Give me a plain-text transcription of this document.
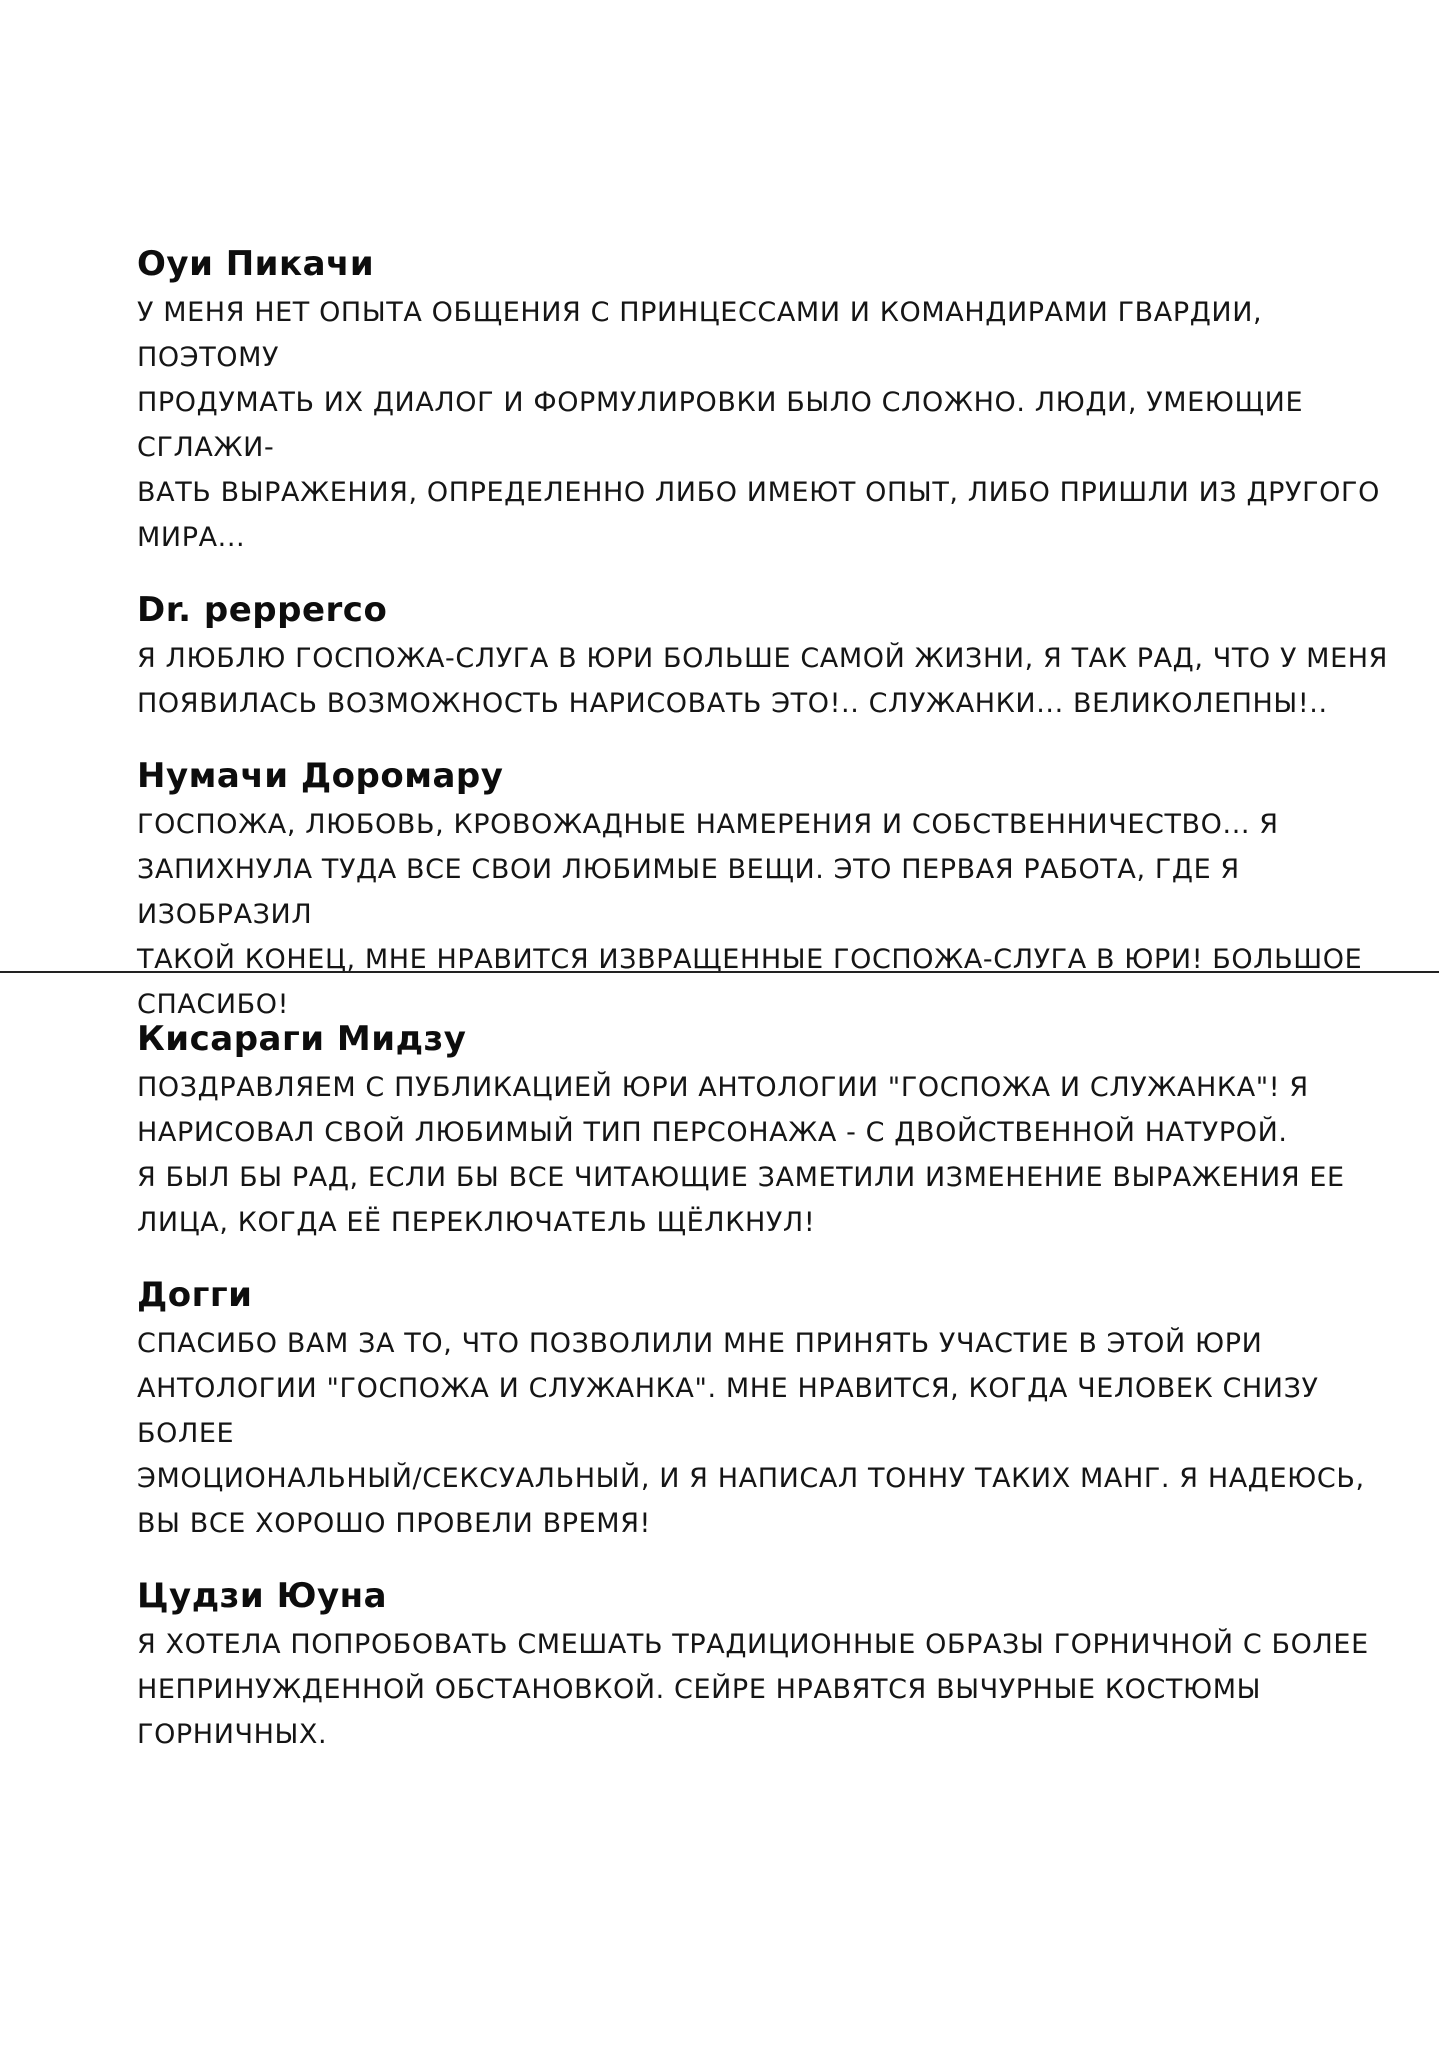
Оуи Пикачи

У МЕНЯ НЕТ ОПЫТА ОБЩЕНИЯ С ПРИНЦЕССАМИ И КОМАНДИРАМИ ГВАРДИИ, ПОЭТОМУ
ПРОДУМАТЬ ИХ ДИАЛОГ И ФОРМУЛИРОВКИ БЫЛО СЛОЖНО. ЛЮДИ, УМЕЮЩИЕ СГЛАЖИ-
ВАТЬ ВЫРАЖЕНИЯ, ОПРЕДЕЛЕННО ЛИБО ИМЕЮТ ОПЫТ, ЛИБО ПРИШЛИ ИЗ ДРУГОГО
МИРА...

Dr. pepperco

Я ЛЮБЛЮ ГОСПОЖА-СЛУГА В ЮРИ БОЛЬШЕ САМОЙ ЖИЗНИ, Я ТАК РАД, ЧТО У МЕНЯ
ПОЯВИЛАСЬ ВОЗМОЖНОСТЬ НАРИСОВАТЬ ЭТО!.. СЛУЖАНКИ... ВЕЛИКОЛЕПНЫ!..

Нумачи Доромару

ГОСПОЖА, ЛЮБОВЬ, КРОВОЖАДНЫЕ НАМЕРЕНИЯ И СОБСТВЕННИЧЕСТВО... Я
ЗАПИХНУЛА ТУДА ВСЕ СВОИ ЛЮБИМЫЕ ВЕЩИ. ЭТО ПЕРВАЯ РАБОТА, ГДЕ Я ИЗОБРАЗИЛ
ТАКОЙ КОНЕЦ, МНЕ НРАВИТСЯ ИЗВРАЩЕННЫЕ ГОСПОЖА-СЛУГА В ЮРИ! БОЛЬШОЕ
СПАСИБО!

Кисараги Мидзу

ПОЗДРАВЛЯЕМ С ПУБЛИКАЦИЕЙ ЮРИ АНТОЛОГИИ "ГОСПОЖА И СЛУЖАНКА"! Я
НАРИСОВАЛ СВОЙ ЛЮБИМЫЙ ТИП ПЕРСОНАЖА - С ДВОЙСТВЕННОЙ НАТУРОЙ.
Я БЫЛ БЫ РАД, ЕСЛИ БЫ ВСЕ ЧИТАЮЩИЕ ЗАМЕТИЛИ ИЗМЕНЕНИЕ ВЫРАЖЕНИЯ ЕЕ
ЛИЦА, КОГДА ЕЁ ПЕРЕКЛЮЧАТЕЛЬ ЩЁЛКНУЛ!

Догги

СПАСИБО ВАМ ЗА ТО, ЧТО ПОЗВОЛИЛИ МНЕ ПРИНЯТЬ УЧАСТИЕ В ЭТОЙ ЮРИ
АНТОЛОГИИ "ГОСПОЖА И СЛУЖАНКА". МНЕ НРАВИТСЯ, КОГДА ЧЕЛОВЕК СНИЗУ БОЛЕЕ
ЭМОЦИОНАЛЬНЫЙ/СЕКСУАЛЬНЫЙ, И Я НАПИСАЛ ТОННУ ТАКИХ МАНГ. Я НАДЕЮСЬ,
ВЫ ВСЕ ХОРОШО ПРОВЕЛИ ВРЕМЯ!

Цудзи Юуна

Я ХОТЕЛА ПОПРОБОВАТЬ СМЕШАТЬ ТРАДИЦИОННЫЕ ОБРАЗЫ ГОРНИЧНОЙ С БОЛЕЕ
НЕПРИНУЖДЕННОЙ ОБСТАНОВКОЙ. СЕЙРЕ НРАВЯТСЯ ВЫЧУРНЫЕ КОСТЮМЫ
ГОРНИЧНЫХ.
